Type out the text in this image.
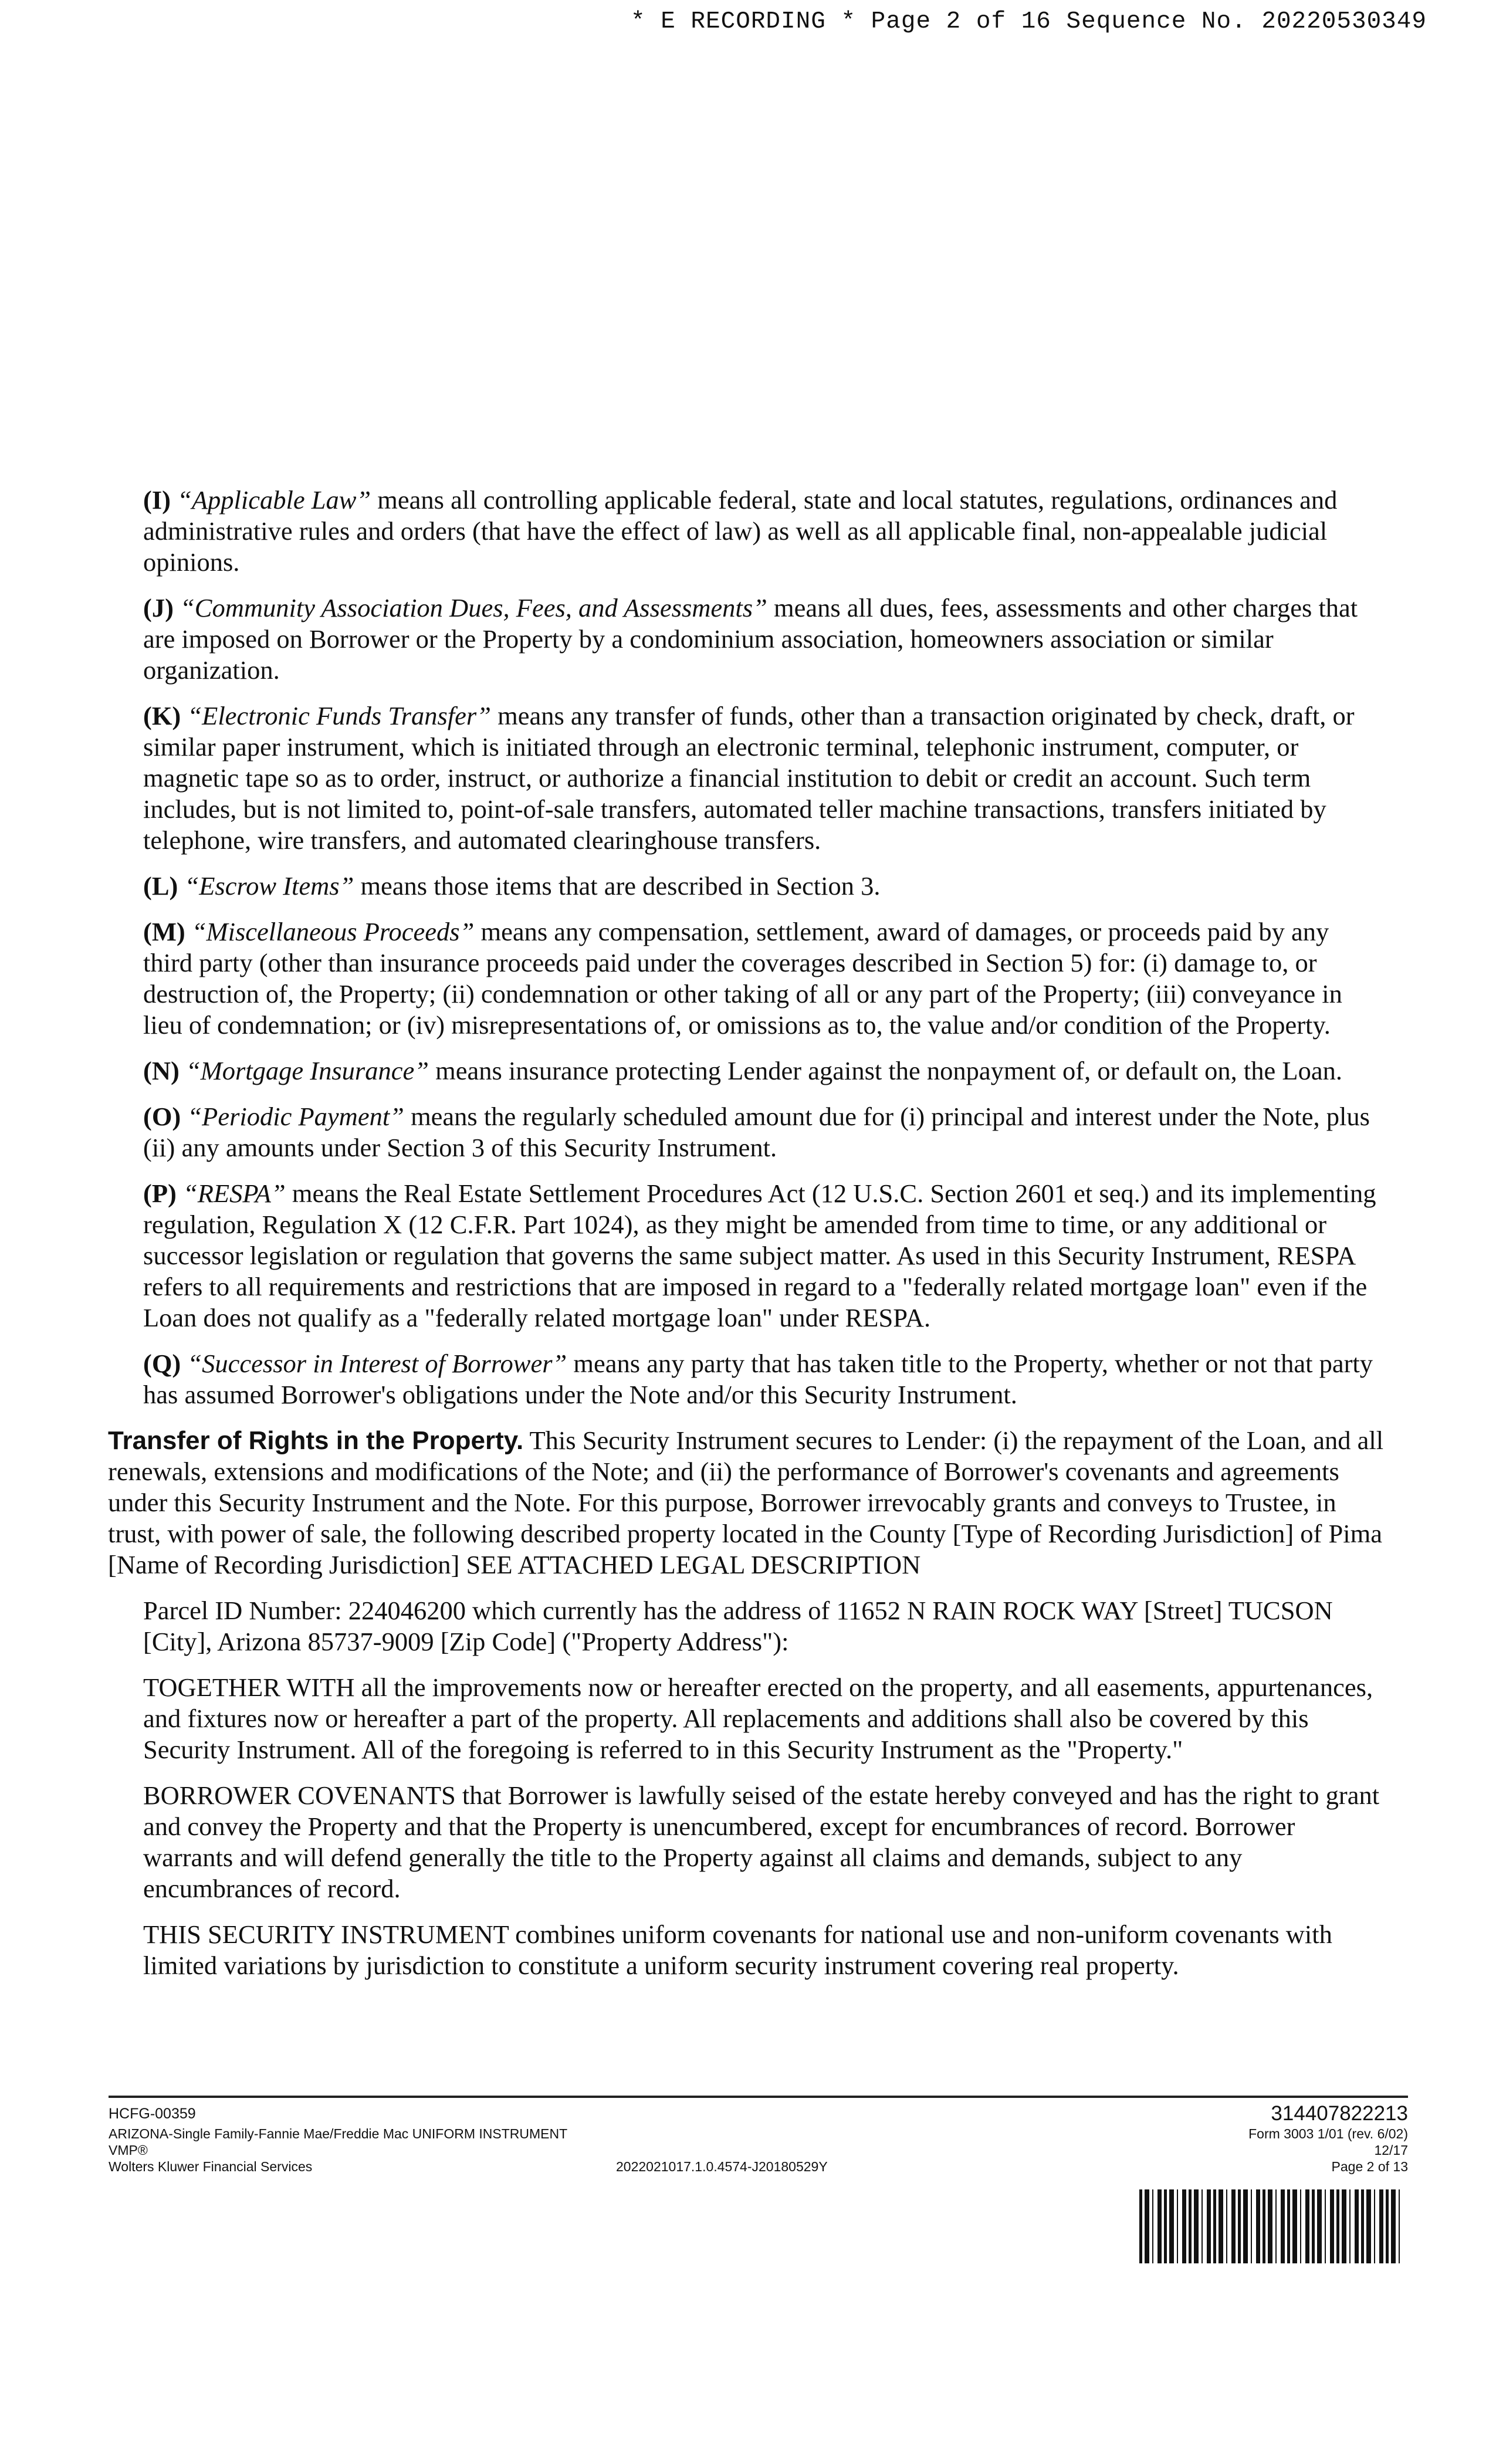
* E RECORDING * Page 2 of 16 Sequence No. 20220530349

(I) “Applicable Law” means all controlling applicable federal, state and local statutes, regulations, ordinances and administrative rules and orders (that have the effect of law) as well as all applicable final, non-appealable judicial opinions.

(J) “Community Association Dues, Fees, and Assessments” means all dues, fees, assessments and other charges that are imposed on Borrower or the Property by a condominium association, homeowners association or similar organization.

(K) “Electronic Funds Transfer” means any transfer of funds, other than a transaction originated by check, draft, or similar paper instrument, which is initiated through an electronic terminal, telephonic instrument, computer, or magnetic tape so as to order, instruct, or authorize a financial institution to debit or credit an account. Such term includes, but is not limited to, point-of-sale transfers, automated teller machine transactions, transfers initiated by telephone, wire transfers, and automated clearinghouse transfers.

(L) “Escrow Items” means those items that are described in Section 3.

(M) “Miscellaneous Proceeds” means any compensation, settlement, award of damages, or proceeds paid by any third party (other than insurance proceeds paid under the coverages described in Section 5) for: (i) damage to, or destruction of, the Property; (ii) condemnation or other taking of all or any part of the Property; (iii) conveyance in lieu of condemnation; or (iv) misrepresentations of, or omissions as to, the value and/or condition of the Property.

(N) “Mortgage Insurance” means insurance protecting Lender against the nonpayment of, or default on, the Loan.

(O) “Periodic Payment” means the regularly scheduled amount due for (i) principal and interest under the Note, plus (ii) any amounts under Section 3 of this Security Instrument.

(P) “RESPA” means the Real Estate Settlement Procedures Act (12 U.S.C. Section 2601 et seq.) and its implementing regulation, Regulation X (12 C.F.R. Part 1024), as they might be amended from time to time, or any additional or successor legislation or regulation that governs the same subject matter. As used in this Security Instrument, RESPA refers to all requirements and restrictions that are imposed in regard to a "federally related mortgage loan" even if the Loan does not qualify as a "federally related mortgage loan" under RESPA.

(Q) “Successor in Interest of Borrower” means any party that has taken title to the Property, whether or not that party has assumed Borrower's obligations under the Note and/or this Security Instrument.

Transfer of Rights in the Property. This Security Instrument secures to Lender: (i) the repayment of the Loan, and all renewals, extensions and modifications of the Note; and (ii) the performance of Borrower's covenants and agreements under this Security Instrument and the Note. For this purpose, Borrower irrevocably grants and conveys to Trustee, in trust, with power of sale, the following described property located in the County [Type of Recording Jurisdiction] of Pima [Name of Recording Jurisdiction] SEE ATTACHED LEGAL DESCRIPTION

Parcel ID Number: 224046200 which currently has the address of 11652 N RAIN ROCK WAY [Street] TUCSON [City], Arizona 85737-9009 [Zip Code] ("Property Address"):

TOGETHER WITH all the improvements now or hereafter erected on the property, and all easements, appurtenances, and fixtures now or hereafter a part of the property. All replacements and additions shall also be covered by this Security Instrument. All of the foregoing is referred to in this Security Instrument as the "Property."

BORROWER COVENANTS that Borrower is lawfully seised of the estate hereby conveyed and has the right to grant and convey the Property and that the Property is unencumbered, except for encumbrances of record. Borrower warrants and will defend generally the title to the Property against all claims and demands, subject to any encumbrances of record.

THIS SECURITY INSTRUMENT combines uniform covenants for national use and non-uniform covenants with limited variations by jurisdiction to constitute a uniform security instrument covering real property.

HCFG-00359
ARIZONA-Single Family-Fannie Mae/Freddie Mac UNIFORM INSTRUMENT
VMP®
Wolters Kluwer Financial Services	2022021017.1.0.4574-J20180529Y
314407822213
Form 3003 1/01 (rev. 6/02)
12/17
Page 2 of 13
